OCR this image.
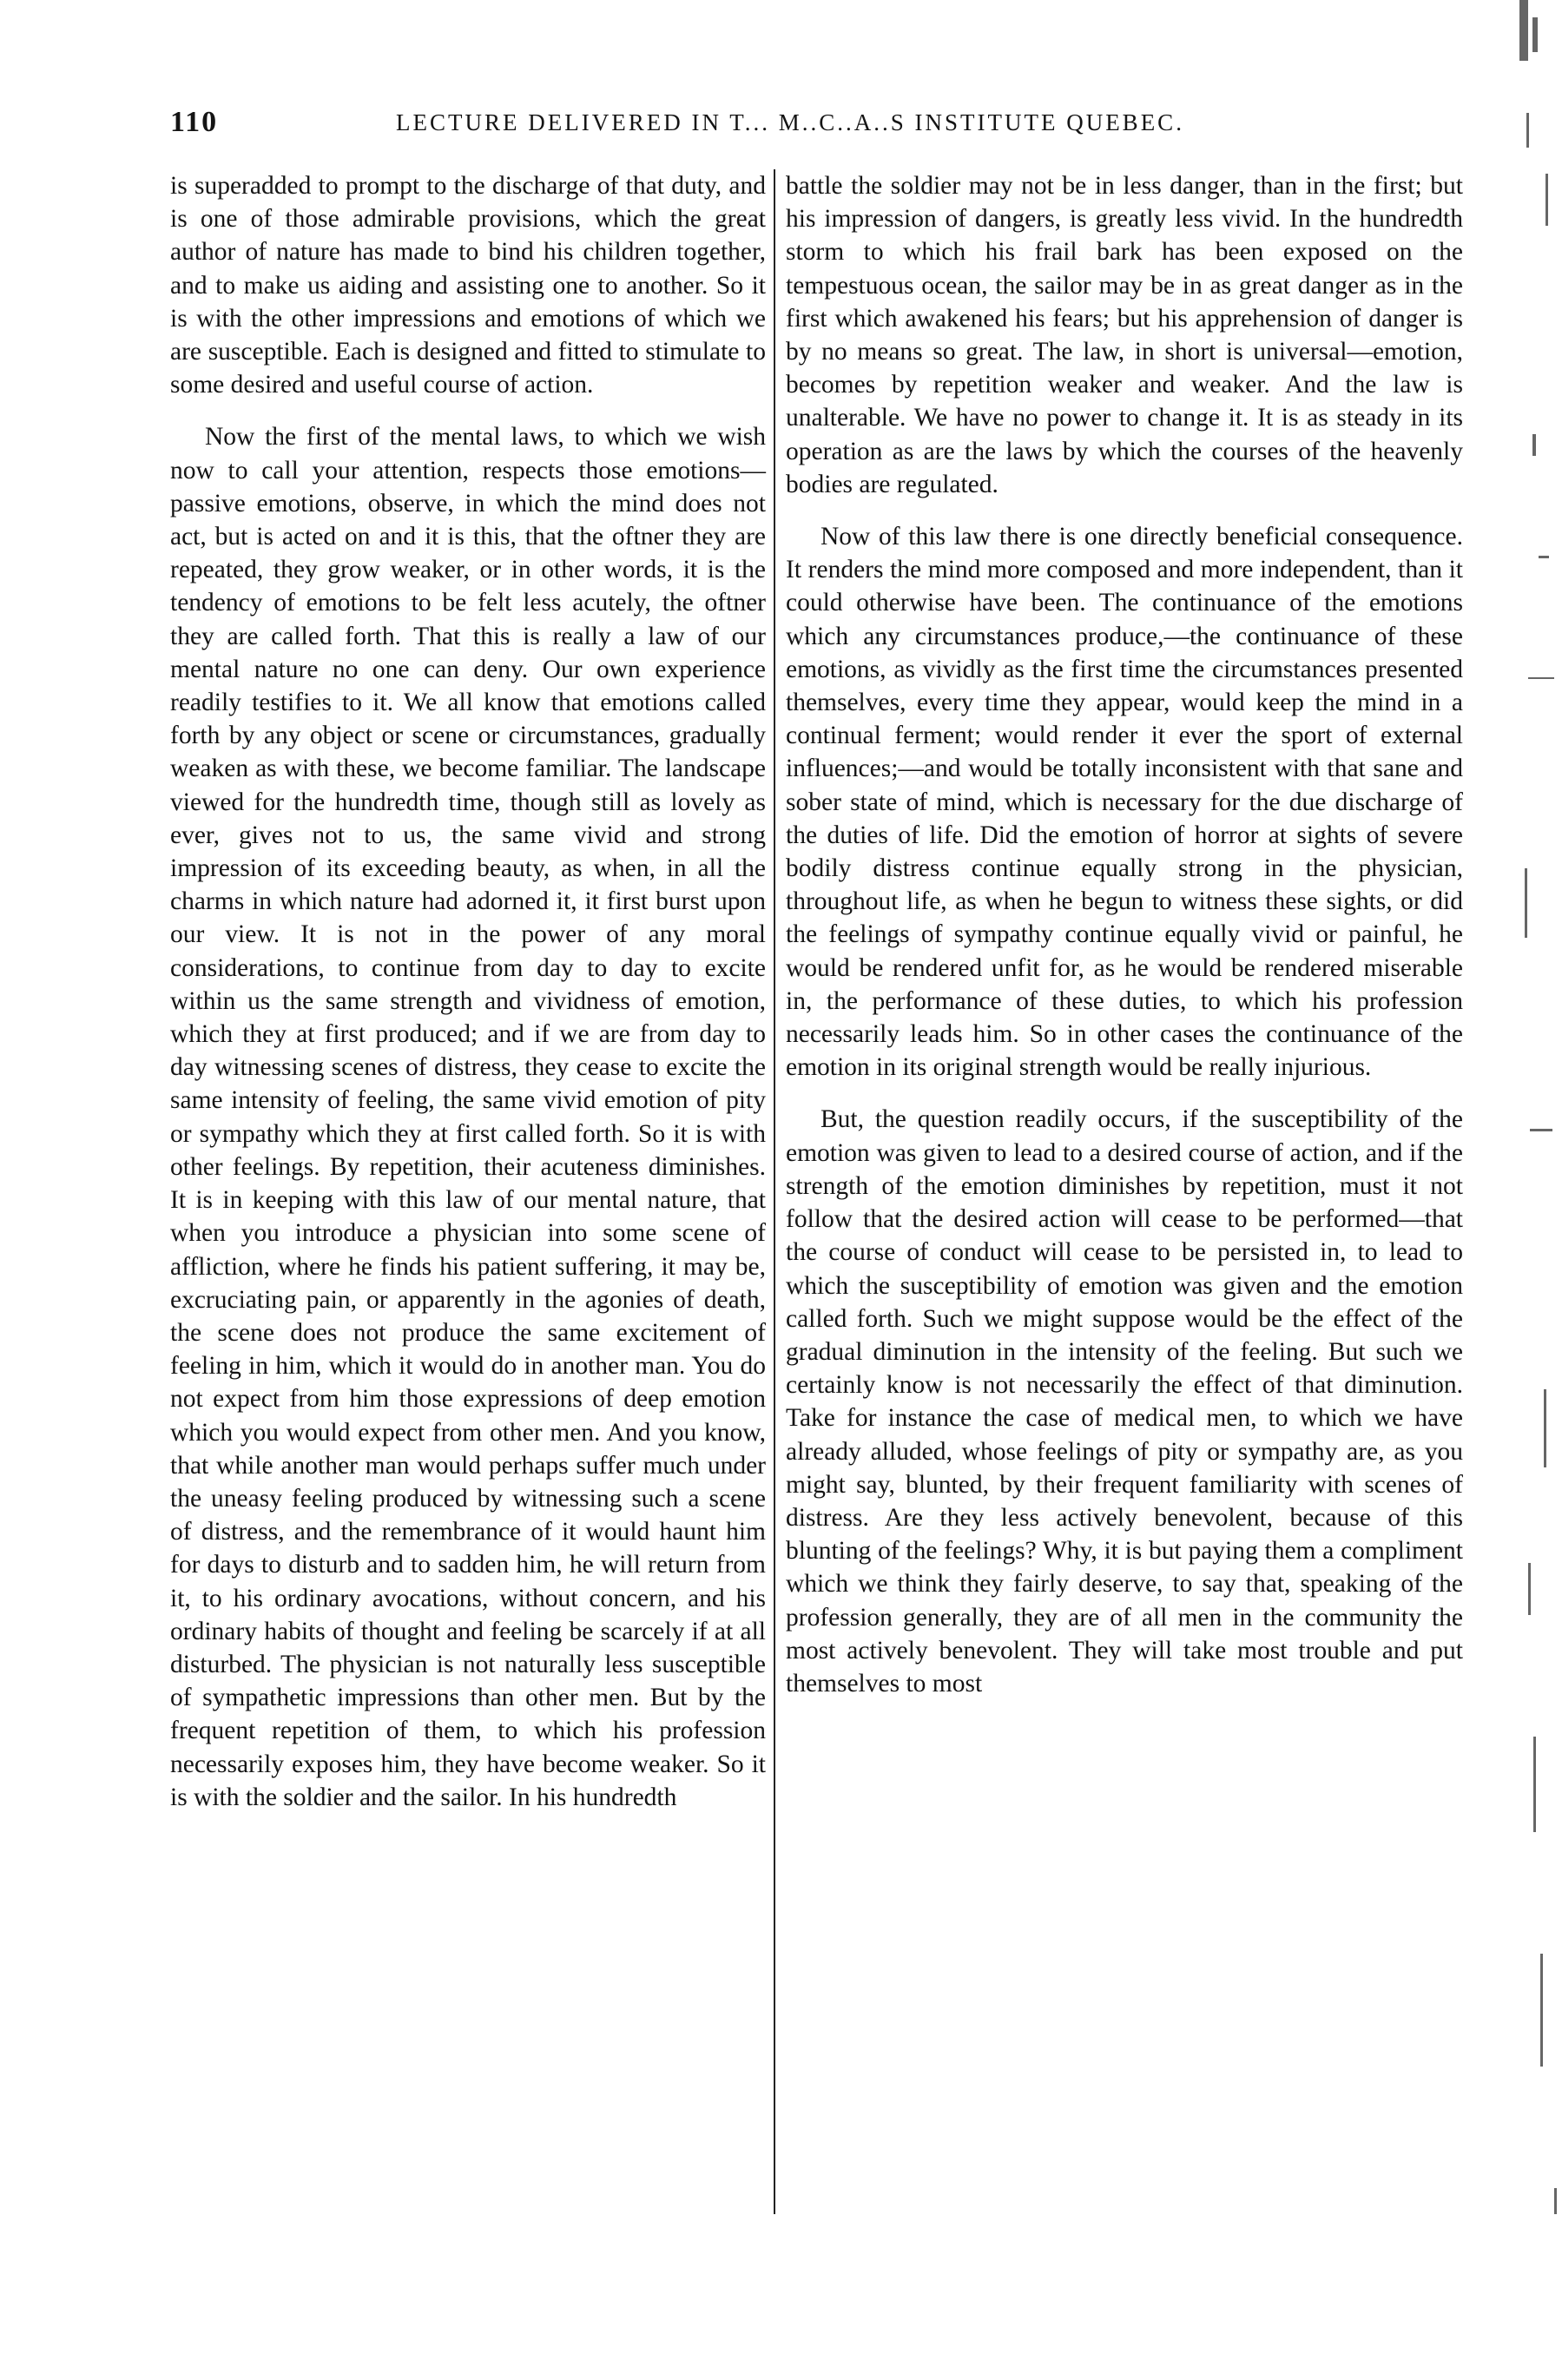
110	LECTURE DELIVERED IN T... M..C..A..S INSTITUTE QUEBEC.

is superadded to prompt to the discharge of that duty, and is one of those admirable provisions, which the great author of nature has made to bind his children together, and to make us aiding and assisting one to another. So it is with the other impressions and emotions of which we are susceptible. Each is designed and fitted to stimulate to some desired and useful course of action.

Now the first of the mental laws, to which we wish now to call your attention, respects those emotions—passive emotions, observe, in which the mind does not act, but is acted on and it is this, that the oftner they are repeated, they grow weaker, or in other words, it is the tendency of emotions to be felt less acutely, the oftner they are called forth. That this is really a law of our mental nature no one can deny. Our own experience readily testifies to it. We all know that emotions called forth by any object or scene or circumstances, gradually weaken as with these, we become familiar. The landscape viewed for the hundredth time, though still as lovely as ever, gives not to us, the same vivid and strong impression of its exceeding beauty, as when, in all the charms in which nature had adorned it, it first burst upon our view. It is not in the power of any moral considerations, to continue from day to day to excite within us the same strength and vividness of emotion, which they at first produced; and if we are from day to day witnessing scenes of distress, they cease to excite the same intensity of feeling, the same vivid emotion of pity or sympathy which they at first called forth. So it is with other feelings. By repetition, their acuteness diminishes. It is in keeping with this law of our mental nature, that when you introduce a physician into some scene of affliction, where he finds his patient suffering, it may be, excruciating pain, or apparently in the agonies of death, the scene does not produce the same excitement of feeling in him, which it would do in another man. You do not expect from him those expressions of deep emotion which you would expect from other men. And you know, that while another man would perhaps suffer much under the uneasy feeling produced by witnessing such a scene of distress, and the remembrance of it would haunt him for days to disturb and to sadden him, he will return from it, to his ordinary avocations, without concern, and his ordinary habits of thought and feeling be scarcely if at all disturbed. The physician is not naturally less susceptible of sympathetic impressions than other men. But by the frequent repetition of them, to which his profession necessarily exposes him, they have become weaker. So it is with the soldier and the sailor. In his hundredth

battle the soldier may not be in less danger, than in the first; but his impression of dangers, is greatly less vivid. In the hundredth storm to which his frail bark has been exposed on the tempestuous ocean, the sailor may be in as great danger as in the first which awakened his fears; but his apprehension of danger is by no means so great. The law, in short is universal—emotion, becomes by repetition weaker and weaker. And the law is unalterable. We have no power to change it. It is as steady in its operation as are the laws by which the courses of the heavenly bodies are regulated.

Now of this law there is one directly beneficial consequence. It renders the mind more composed and more independent, than it could otherwise have been. The continuance of the emotions which any circumstances produce,—the continuance of these emotions, as vividly as the first time the circumstances presented themselves, every time they appear, would keep the mind in a continual ferment; would render it ever the sport of external influences;—and would be totally inconsistent with that sane and sober state of mind, which is necessary for the due discharge of the duties of life. Did the emotion of horror at sights of severe bodily distress continue equally strong in the physician, throughout life, as when he begun to witness these sights, or did the feelings of sympathy continue equally vivid or painful, he would be rendered unfit for, as he would be rendered miserable in, the performance of these duties, to which his profession necessarily leads him. So in other cases the continuance of the emotion in its original strength would be really injurious.

But, the question readily occurs, if the susceptibility of the emotion was given to lead to a desired course of action, and if the strength of the emotion diminishes by repetition, must it not follow that the desired action will cease to be performed—that the course of conduct will cease to be persisted in, to lead to which the susceptibility of emotion was given and the emotion called forth. Such we might suppose would be the effect of the gradual diminution in the intensity of the feeling. But such we certainly know is not necessarily the effect of that diminution. Take for instance the case of medical men, to which we have already alluded, whose feelings of pity or sympathy are, as you might say, blunted, by their frequent familiarity with scenes of distress. Are they less actively benevolent, because of this blunting of the feelings? Why, it is but paying them a compliment which we think they fairly deserve, to say that, speaking of the profession generally, they are of all men in the community the most actively benevolent. They will take most trouble and put themselves to most
